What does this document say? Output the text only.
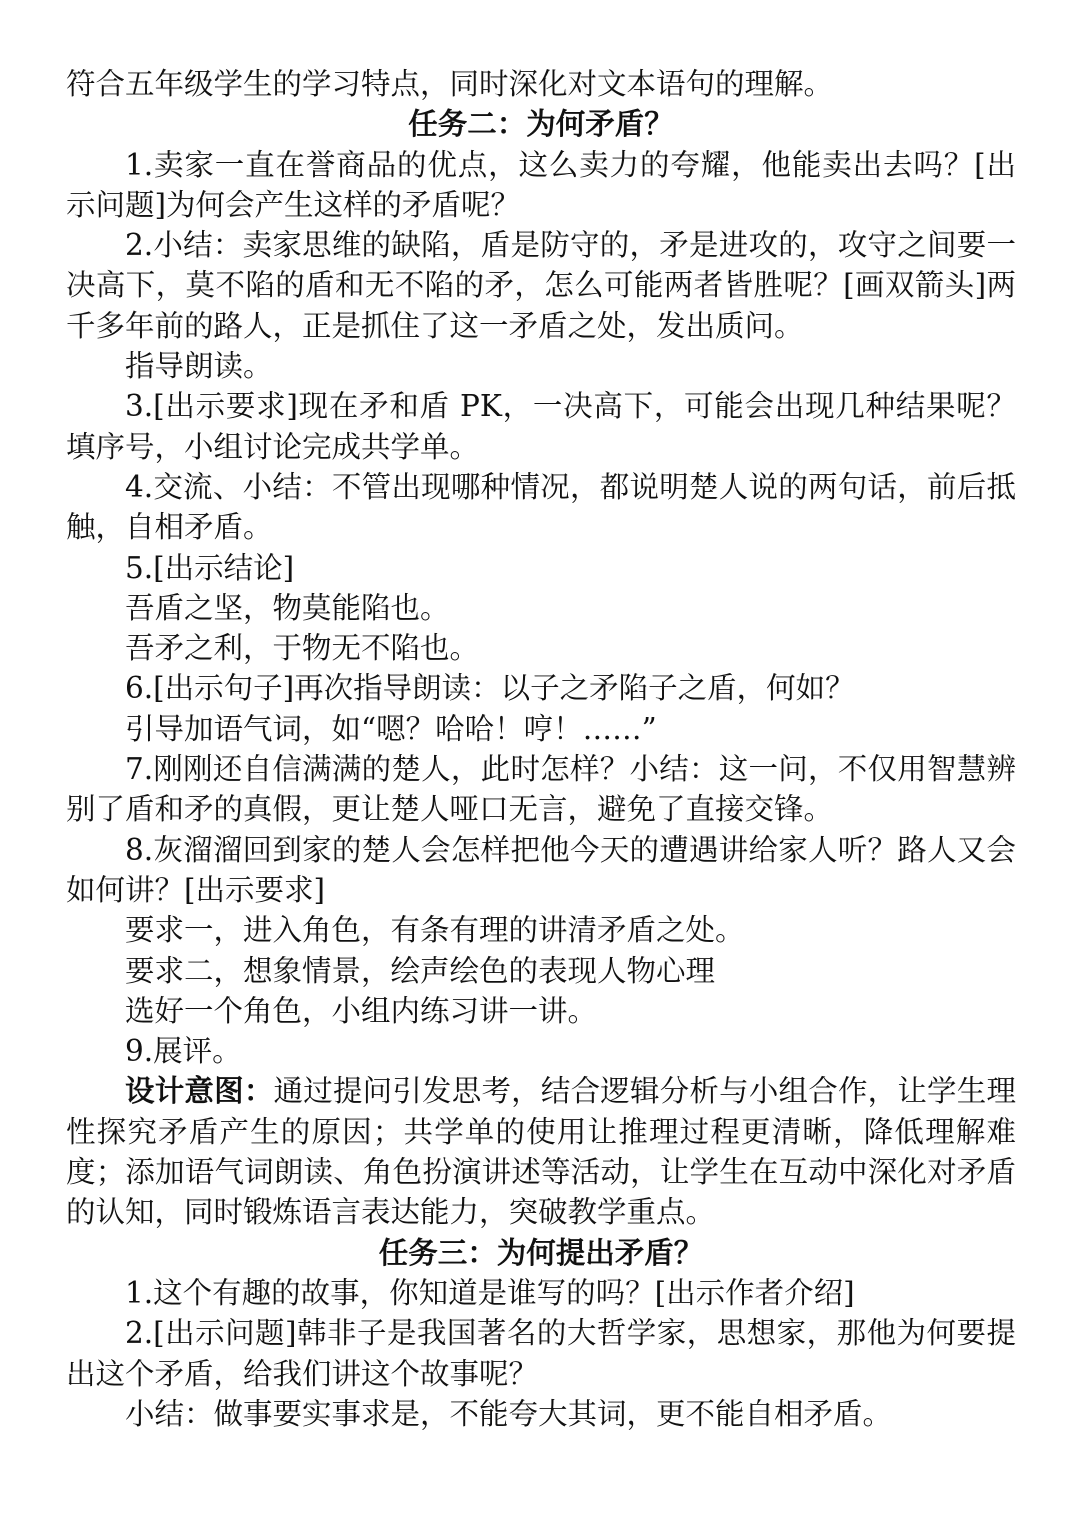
符合五年级学生的学习特点，同时深化对文本语句的理解。

任务二：为何矛盾？

1.卖家一直在誉商品的优点，这么卖力的夸耀，他能卖出去吗？[出示问题]为何会产生这样的矛盾呢？

2.小结：卖家思维的缺陷，盾是防守的，矛是进攻的，攻守之间要一决高下，莫不陷的盾和无不陷的矛，怎么可能两者皆胜呢？[画双箭头]两千多年前的路人，正是抓住了这一矛盾之处，发出质问。

指导朗读。

3.[出示要求]现在矛和盾 PK，一决高下，可能会出现几种结果呢？填序号，小组讨论完成共学单。

4.交流、小结：不管出现哪种情况，都说明楚人说的两句话，前后抵触，自相矛盾。

5.[出示结论]

吾盾之坚，物莫能陷也。

吾矛之利，于物无不陷也。

6.[出示句子]再次指导朗读：以子之矛陷子之盾，何如？

引导加语气词，如“嗯？哈哈！哼！……”

7.刚刚还自信满满的楚人，此时怎样？小结：这一问，不仅用智慧辨别了盾和矛的真假，更让楚人哑口无言，避免了直接交锋。

8.灰溜溜回到家的楚人会怎样把他今天的遭遇讲给家人听？路人又会如何讲？[出示要求]

要求一，进入角色，有条有理的讲清矛盾之处。

要求二，想象情景，绘声绘色的表现人物心理

选好一个角色，小组内练习讲一讲。

9.展评。

设计意图：通过提问引发思考，结合逻辑分析与小组合作，让学生理性探究矛盾产生的原因；共学单的使用让推理过程更清晰，降低理解难度；添加语气词朗读、角色扮演讲述等活动，让学生在互动中深化对矛盾的认知，同时锻炼语言表达能力，突破教学重点。

任务三：为何提出矛盾？

1.这个有趣的故事，你知道是谁写的吗？[出示作者介绍]

2.[出示问题]韩非子是我国著名的大哲学家，思想家，那他为何要提出这个矛盾，给我们讲这个故事呢？

小结：做事要实事求是，不能夸大其词，更不能自相矛盾。
